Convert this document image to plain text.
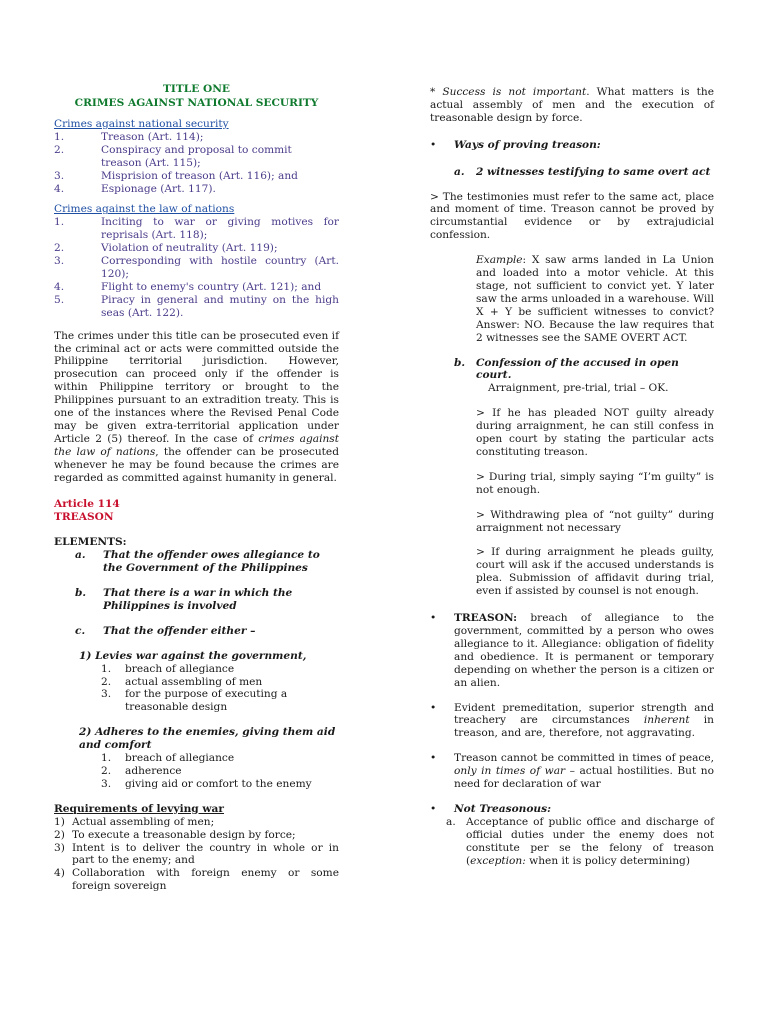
TITLE ONE

CRIMES AGAINST NATIONAL SECURITY

Crimes against national security

1.	Treason (Art. 114);
2.	Conspiracy and proposal to commit
treason (Art. 115);
3.	Misprision of treason (Art. 116); and
4.	Espionage (Art. 117).

Crimes against the law of nations

1.	Inciting to war or giving motives for reprisals (Art. 118);
2.	Violation of neutrality (Art. 119);
3.	Corresponding with hostile country (Art. 120);
4.	Flight to enemy's country (Art. 121); and
5.	Piracy in general and mutiny on the high seas (Art. 122).

The crimes under this title can be prosecuted even if the criminal act or acts were committed outside the Philippine territorial jurisdiction. However, prosecution can proceed only if the offender is within Philippine territory or brought to the Philippines pursuant to an extradition treaty. This is one of the instances where the Revised Penal Code may be given extra-territorial application under Article 2 (5) thereof. In the case of crimes against the law of nations, the offender can be prosecuted whenever he may be found because the crimes are regarded as committed against humanity in general.

Article 114

TREASON

ELEMENTS:

a.	That the offender owes allegiance to the Government of the Philippines
b.	That there is a war in which the Philippines is involved
c.	That the offender either –

1) Levies war against the government,

1.	breach of allegiance
2.	actual assembling of men
3.	for the purpose of executing a treasonable design

2) Adheres to the enemies, giving them aid and comfort

1.	breach of allegiance
2.	adherence
3.	giving aid or comfort to the enemy

Requirements of levying war

1) Actual assembling of men;
2) To execute a treasonable design by force;
3) Intent is to deliver the country in whole or in part to the enemy; and
4) Collaboration with foreign enemy or some foreign sovereign

* Success is not important. What matters is the actual assembly of men and the execution of treasonable design by force.

•	Ways of proving treason:
a.	2 witnesses testifying to same overt act

> The testimonies must refer to the same act, place and moment of time. Treason cannot be proved by circumstantial evidence or by extrajudicial confession.

Example: X saw arms landed in La Union and loaded into a motor vehicle. At this stage, not sufficient to convict yet. Y later saw the arms unloaded in a warehouse. Will X + Y be sufficient witnesses to convict? Answer: NO. Because the law requires that 2 witnesses see the SAME OVERT ACT.

b.	Confession of the accused in open court.

Arraignment, pre-trial, trial – OK.

> If he has pleaded NOT guilty already during arraignment, he can still confess in open court by stating the particular acts constituting treason.

> During trial, simply saying “I’m guilty” is not enough.

> Withdrawing plea of “not guilty” during arraignment not necessary

> If during arraignment he pleads guilty, court will ask if the accused understands is plea. Submission of affidavit during trial, even if assisted by counsel is not enough.

•	TREASON: breach of allegiance to the government, committed by a person who owes allegiance to it. Allegiance: obligation of fidelity and obedience. It is permanent or temporary depending on whether the person is a citizen or an alien.
•	Evident premeditation, superior strength and treachery are circumstances inherent in treason, and are, therefore, not aggravating.
•	Treason cannot be committed in times of peace, only in times of war – actual hostilities. But no need for declaration of war
•	Not Treasonous:
a. Acceptance of public office and discharge of official duties under the enemy does not constitute per se the felony of treason (exception: when it is policy determining)
